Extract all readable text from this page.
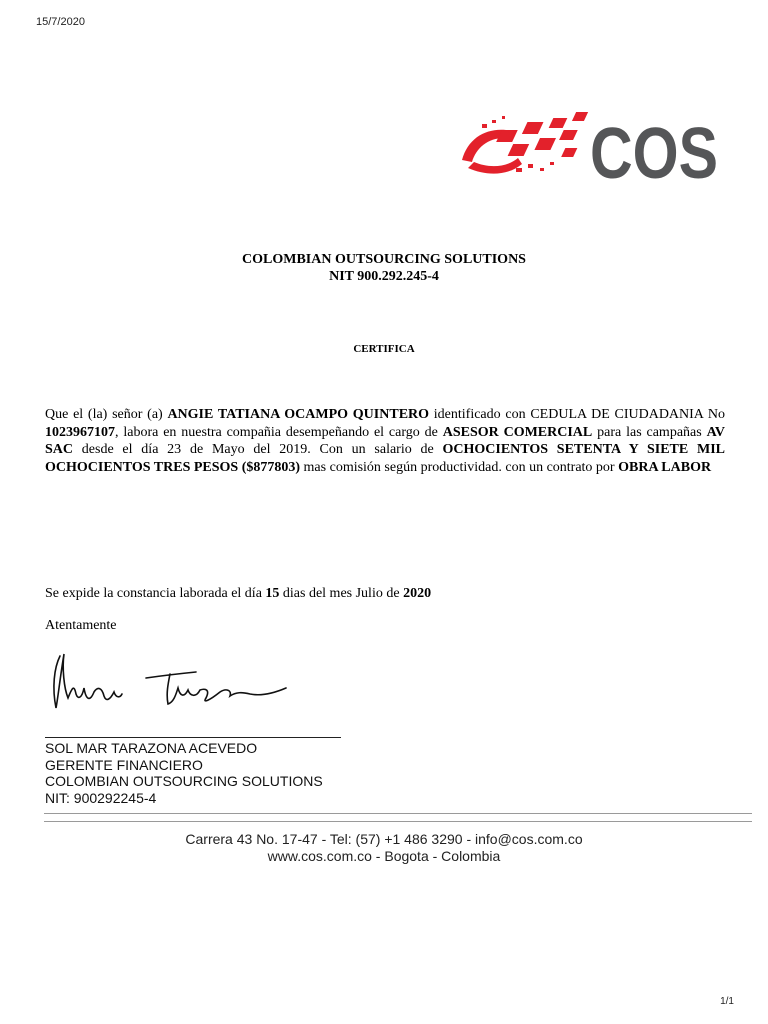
15/7/2020
COS
COLOMBIAN OUTSOURCING SOLUTIONS
NIT 900.292.245-4
CERTIFICA
Que el (la) señor (a) ANGIE TATIANA OCAMPO QUINTERO identificado con CEDULA DE CIUDADANIA No 1023967107, labora en nuestra compañia desempeñando el cargo de ASESOR COMERCIAL para las campañas AV SAC desde el día 23 de Mayo del 2019. Con un salario de OCHOCIENTOS SETENTA Y SIETE MIL OCHOCIENTOS TRES PESOS ($877803) mas comisión según productividad. con un contrato por OBRA LABOR
Se expide la constancia laborada el día 15 dias del mes Julio de 2020
Atentamente
SOL MAR TARAZONA ACEVEDO
GERENTE FINANCIERO
COLOMBIAN OUTSOURCING SOLUTIONS
NIT: 900292245-4
Carrera 43 No. 17-47 - Tel: (57) +1 486 3290 - info@cos.com.co
www.cos.com.co - Bogota - Colombia
1/1
